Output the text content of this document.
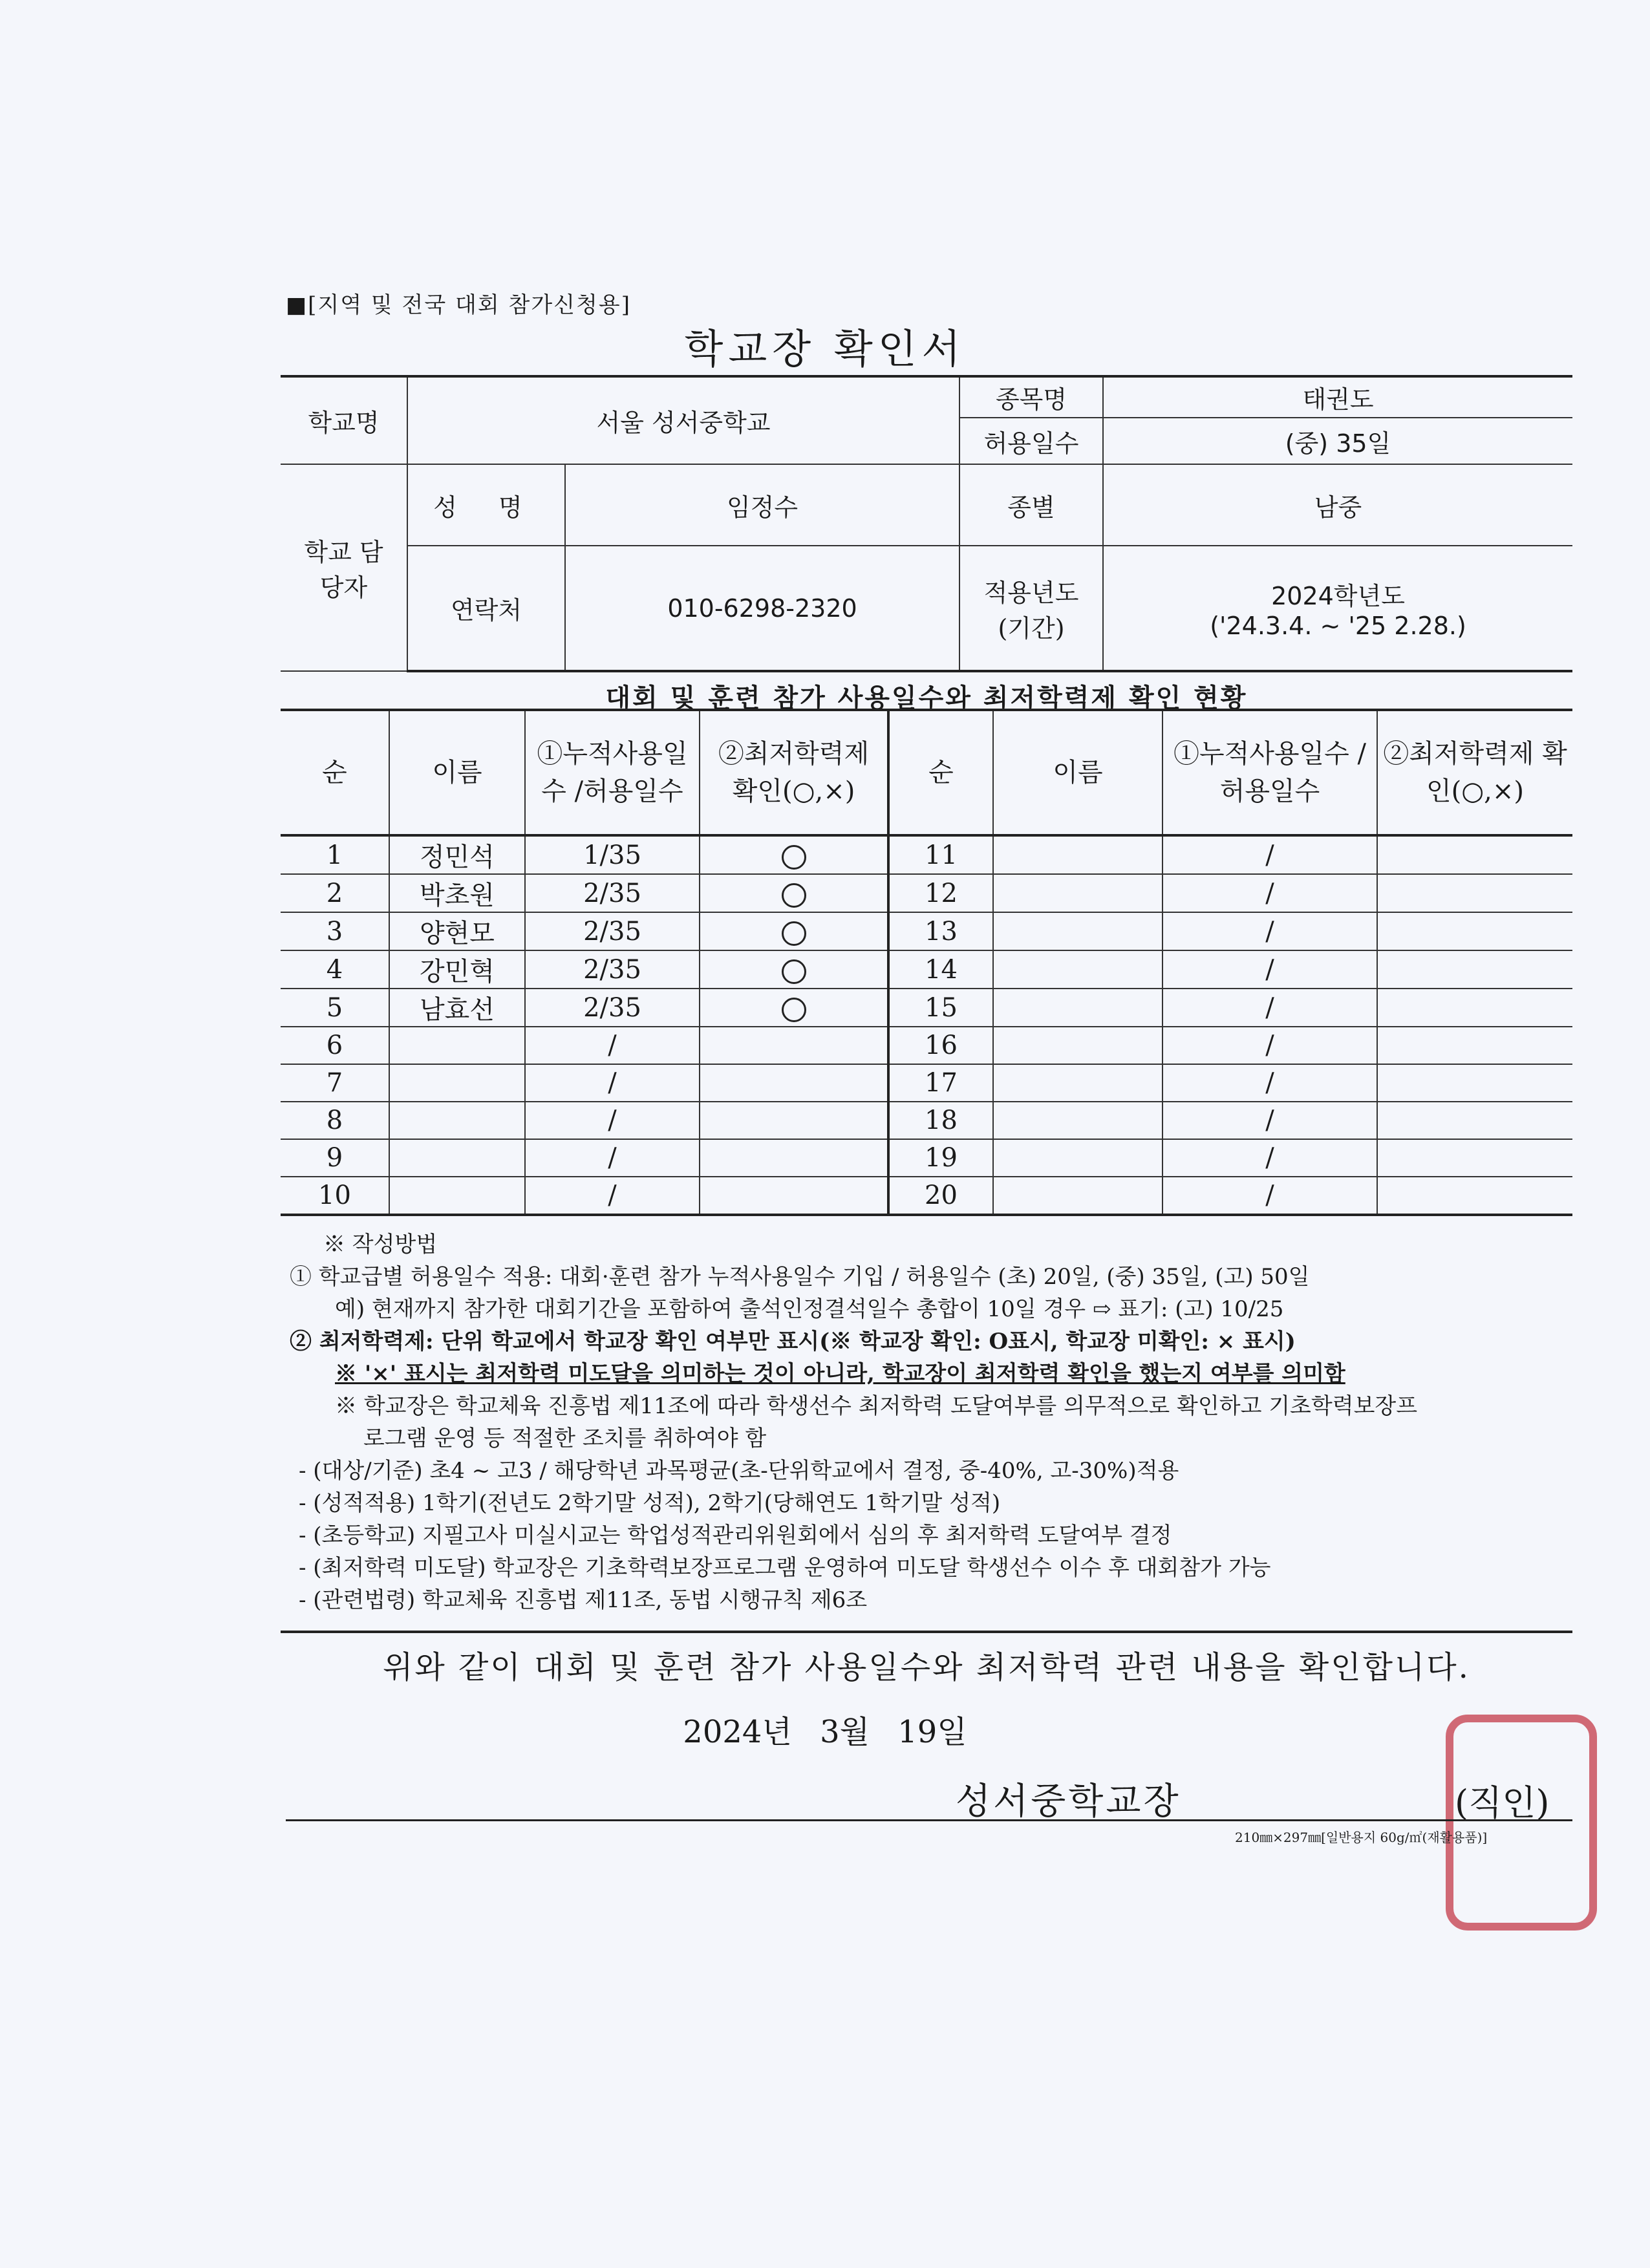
■[지역 및 전국 대회 참가신청용]
학교장 확인서
학교명	서울 성서중학교		종목명	태권도
			허용일수	(중) 35일
학교 담당자	성 명	임정수	종별	남중
	연락처	010-6298-2320	적용년도 (기간)	2024학년도
('24.3.4. ~ '25 2.28.)
대회 및 훈련 참가 사용일수와 최저학력제 확인 현황
순	이름	①누적사용일수 /허용일수	②최저학력제 확인(○,×)	순	이름	①누적사용일수 /허용일수	②최저학력제 확인(○,×)
1	정민석	1/35		11		/	
2	박초원	2/35		12		/	
3	양현모	2/35		13		/	
4	강민혁	2/35		14		/	
5	남효선	2/35		15		/	
6		/		16		/	
7		/		17		/	
8		/		18		/	
9		/		19		/	
10		/		20		/	

※ 작성방법

① 학교급별 허용일수 적용: 대회·훈련 참가 누적사용일수 기입 / 허용일수 (초) 20일, (중) 35일, (고) 50일

예) 현재까지 참가한 대회기간을 포함하여 출석인정결석일수 총합이 10일 경우 ⇨ 표기: (고) 10/25

② 최저학력제: 단위 학교에서 학교장 확인 여부만 표시(※ 학교장 확인: O표시, 학교장 미확인: × 표시)

※ '×' 표시는 최저학력 미도달을 의미하는 것이 아니라, 학교장이 최저학력 확인을 했는지 여부를 의미함

※ 학교장은 학교체육 진흥법 제11조에 따라 학생선수 최저학력 도달여부를 의무적으로 확인하고 기초학력보장프

로그램 운영 등 적절한 조치를 취하여야 함

- (대상/기준) 초4 ~ 고3 / 해당학년 과목평균(초-단위학교에서 결정, 중-40%, 고-30%)적용

- (성적적용) 1학기(전년도 2학기말 성적), 2학기(당해연도 1학기말 성적)

- (초등학교) 지필고사 미실시교는 학업성적관리위원회에서 심의 후 최저학력 도달여부 결정

- (최저학력 미도달) 학교장은 기초학력보장프로그램 운영하여 미도달 학생선수 이수 후 대회참가 가능

- (관련법령) 학교체육 진흥법 제11조, 동법 시행규칙 제6조

위와 같이 대회 및 훈련 참가 사용일수와 최저학력 관련 내용을 확인합니다.
2024년 3월 19일
성서중학교장	(직인)
210㎜×297㎜[일반용지 60g/㎡(재활용품)]
